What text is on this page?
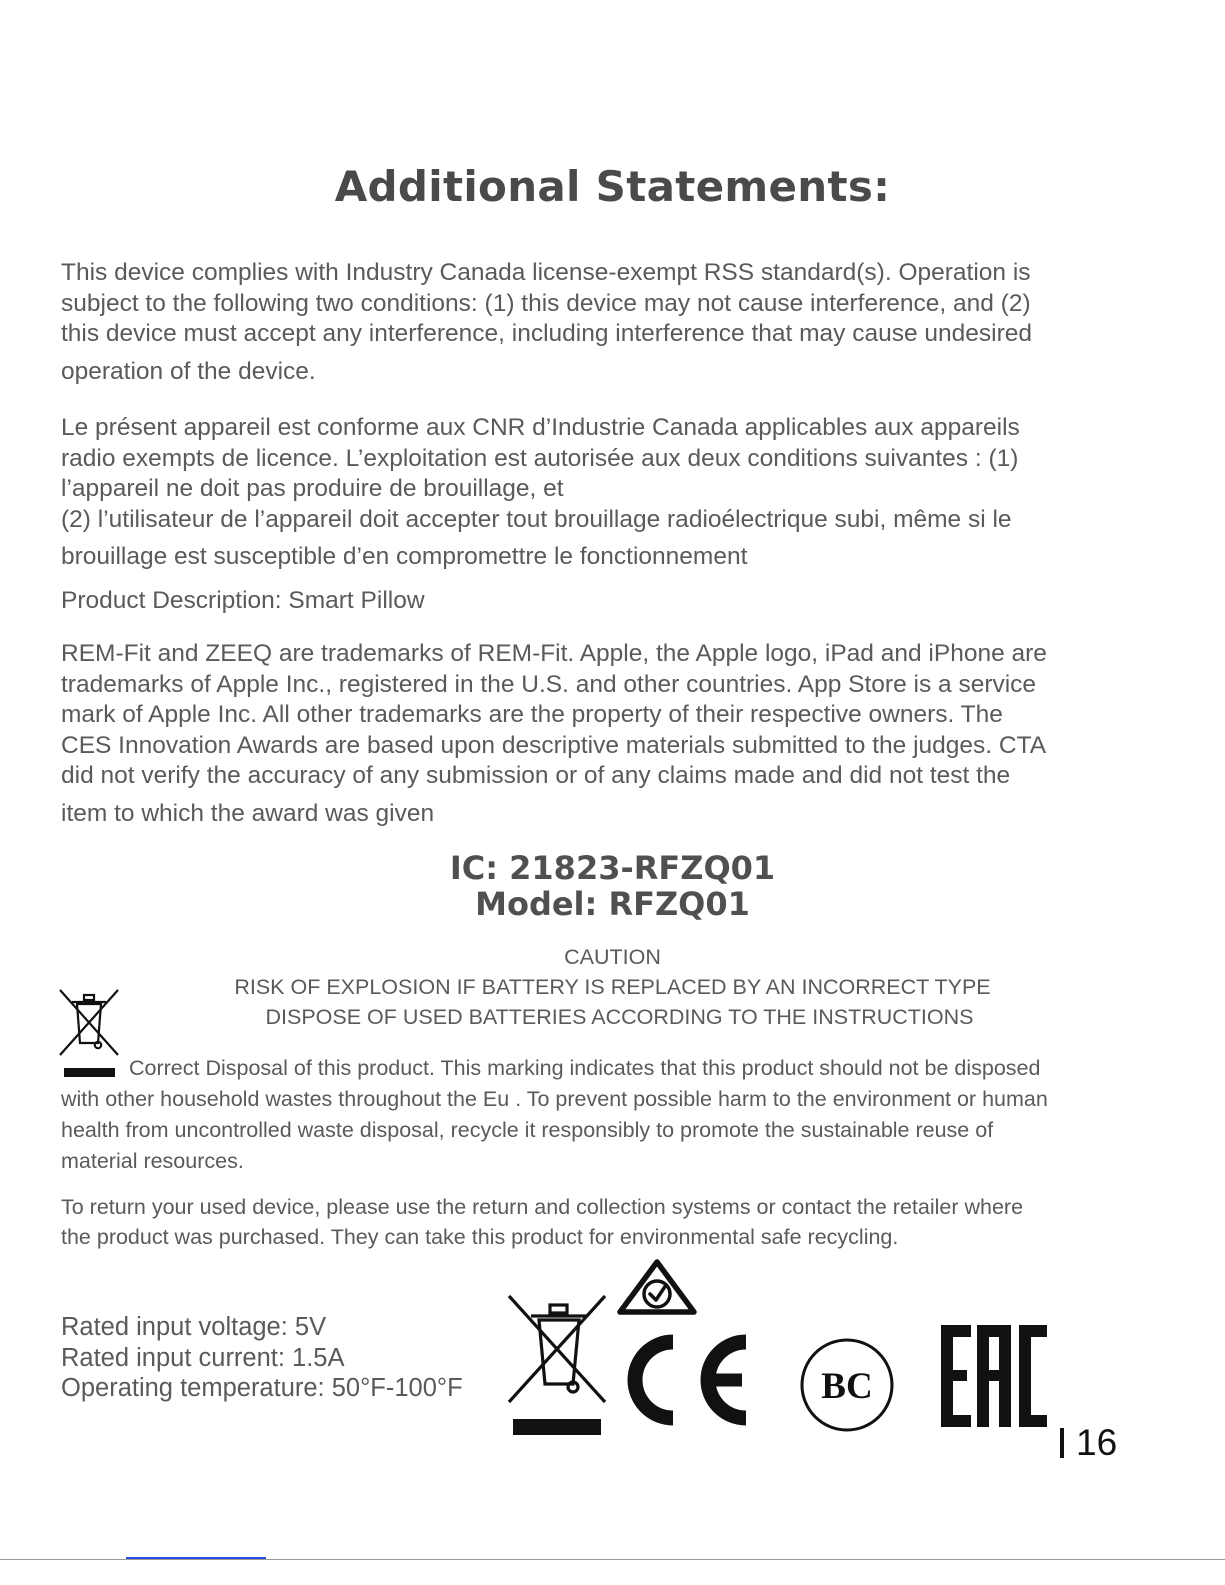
Additional Statements:
This device complies with Industry Canada license-exempt RSS standard(s). Operation is
subject to the following two conditions: (1) this device may not cause interference, and (2)
this device must accept any interference, including interference that may cause undesired
operation of the device.
Le présent appareil est conforme aux CNR d’Industrie Canada applicables aux appareils
radio exempts de licence. L’exploitation est autorisée aux deux conditions suivantes : (1)
l’appareil ne doit pas produire de brouillage, et
(2) l’utilisateur de l’appareil doit accepter tout brouillage radioélectrique subi, même si le
brouillage est susceptible d’en compromettre le fonctionnement
Product Description: Smart Pillow
REM-Fit and ZEEQ are trademarks of REM-Fit. Apple, the Apple logo, iPad and iPhone are
trademarks of Apple Inc., registered in the U.S. and other countries. App Store is a service
mark of Apple Inc. All other trademarks are the property of their respective owners. The
CES Innovation Awards are based upon descriptive materials submitted to the judges. CTA
did not verify the accuracy of any submission or of any claims made and did not test the
item to which the award was given
IC: 21823-RFZQ01
Model: RFZQ01
CAUTION
RISK OF EXPLOSION IF BATTERY IS REPLACED BY AN INCORRECT TYPE
DISPOSE OF USED BATTERIES ACCORDING TO THE INSTRUCTIONS
Correct Disposal of this product. This marking indicates that this product should not be disposed
with other household wastes throughout the Eu . To prevent possible harm to the environment or human
health from uncontrolled waste disposal, recycle it responsibly to promote the sustainable reuse of
material resources.
To return your used device, please use the return and collection systems or contact the retailer where
the product was purchased. They can take this product for environmental safe recycling.
Rated input voltage: 5V
Rated input current: 1.5A
Operating temperature: 50°F-100°F	BC
16
